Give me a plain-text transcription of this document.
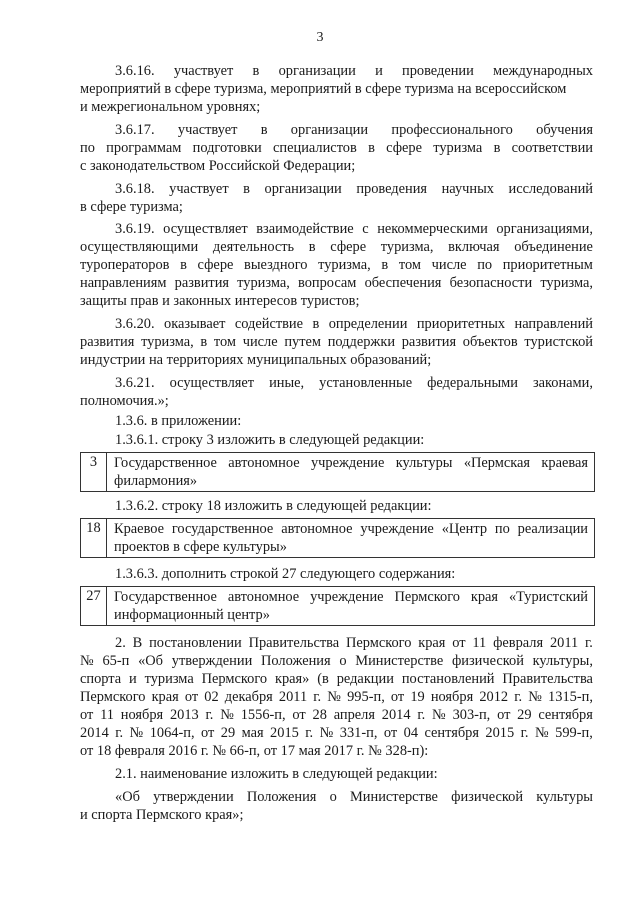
3
3.6.16. участвует в организации и проведении международных
мероприятий в сфере туризма, мероприятий в сфере туризма на всероссийском
и межрегиональном уровнях;
3.6.17. участвует в организации профессионального обучения
по программам подготовки специалистов в сфере туризма в соответствии
с законодательством Российской Федерации;
3.6.18. участвует в организации проведения научных исследований
в сфере туризма;
3.6.19. осуществляет взаимодействие с некоммерческими организациями,
осуществляющими деятельность в сфере туризма, включая объединение
туроператоров в сфере выездного туризма, в том числе по приоритетным
направлениям развития туризма, вопросам обеспечения безопасности туризма,
защиты прав и законных интересов туристов;
3.6.20. оказывает содействие в определении приоритетных направлений
развития туризма, в том числе путем поддержки развития объектов туристской
индустрии на территориях муниципальных образований;
3.6.21. осуществляет иные, установленные федеральными законами,
полномочия.»;
1.3.6. в приложении:
1.3.6.1. строку 3 изложить в следующей редакции:
3	Государственное автономное учреждение культуры «Пермская краевая
филармония»
1.3.6.2. строку 18 изложить в следующей редакции:
18 Краевое государственное автономное учреждение «Центр по реализации
проектов в сфере культуры»
1.3.6.3. дополнить строкой 27 следующего содержания:
27 Государственное автономное учреждение Пермского края «Туристский
информационный центр»
2. В постановлении Правительства Пермского края от 11 февраля 2011 г.
№ 65-п «Об утверждении Положения о Министерстве физической культуры,
спорта и туризма Пермского края» (в редакции постановлений Правительства
Пермского края от 02 декабря 2011 г. № 995-п, от 19 ноября 2012 г. № 1315-п,
от 11 ноября 2013 г. № 1556-п, от 28 апреля 2014 г. № 303-п, от 29 сентября
2014 г. № 1064-п, от 29 мая 2015 г. № 331-п, от 04 сентября 2015 г. № 599-п,
от 18 февраля 2016 г. № 66-п, от 17 мая 2017 г. № 328-п):
2.1. наименование изложить в следующей редакции:
«Об утверждении Положения о Министерстве физической культуры
и спорта Пермского края»;
